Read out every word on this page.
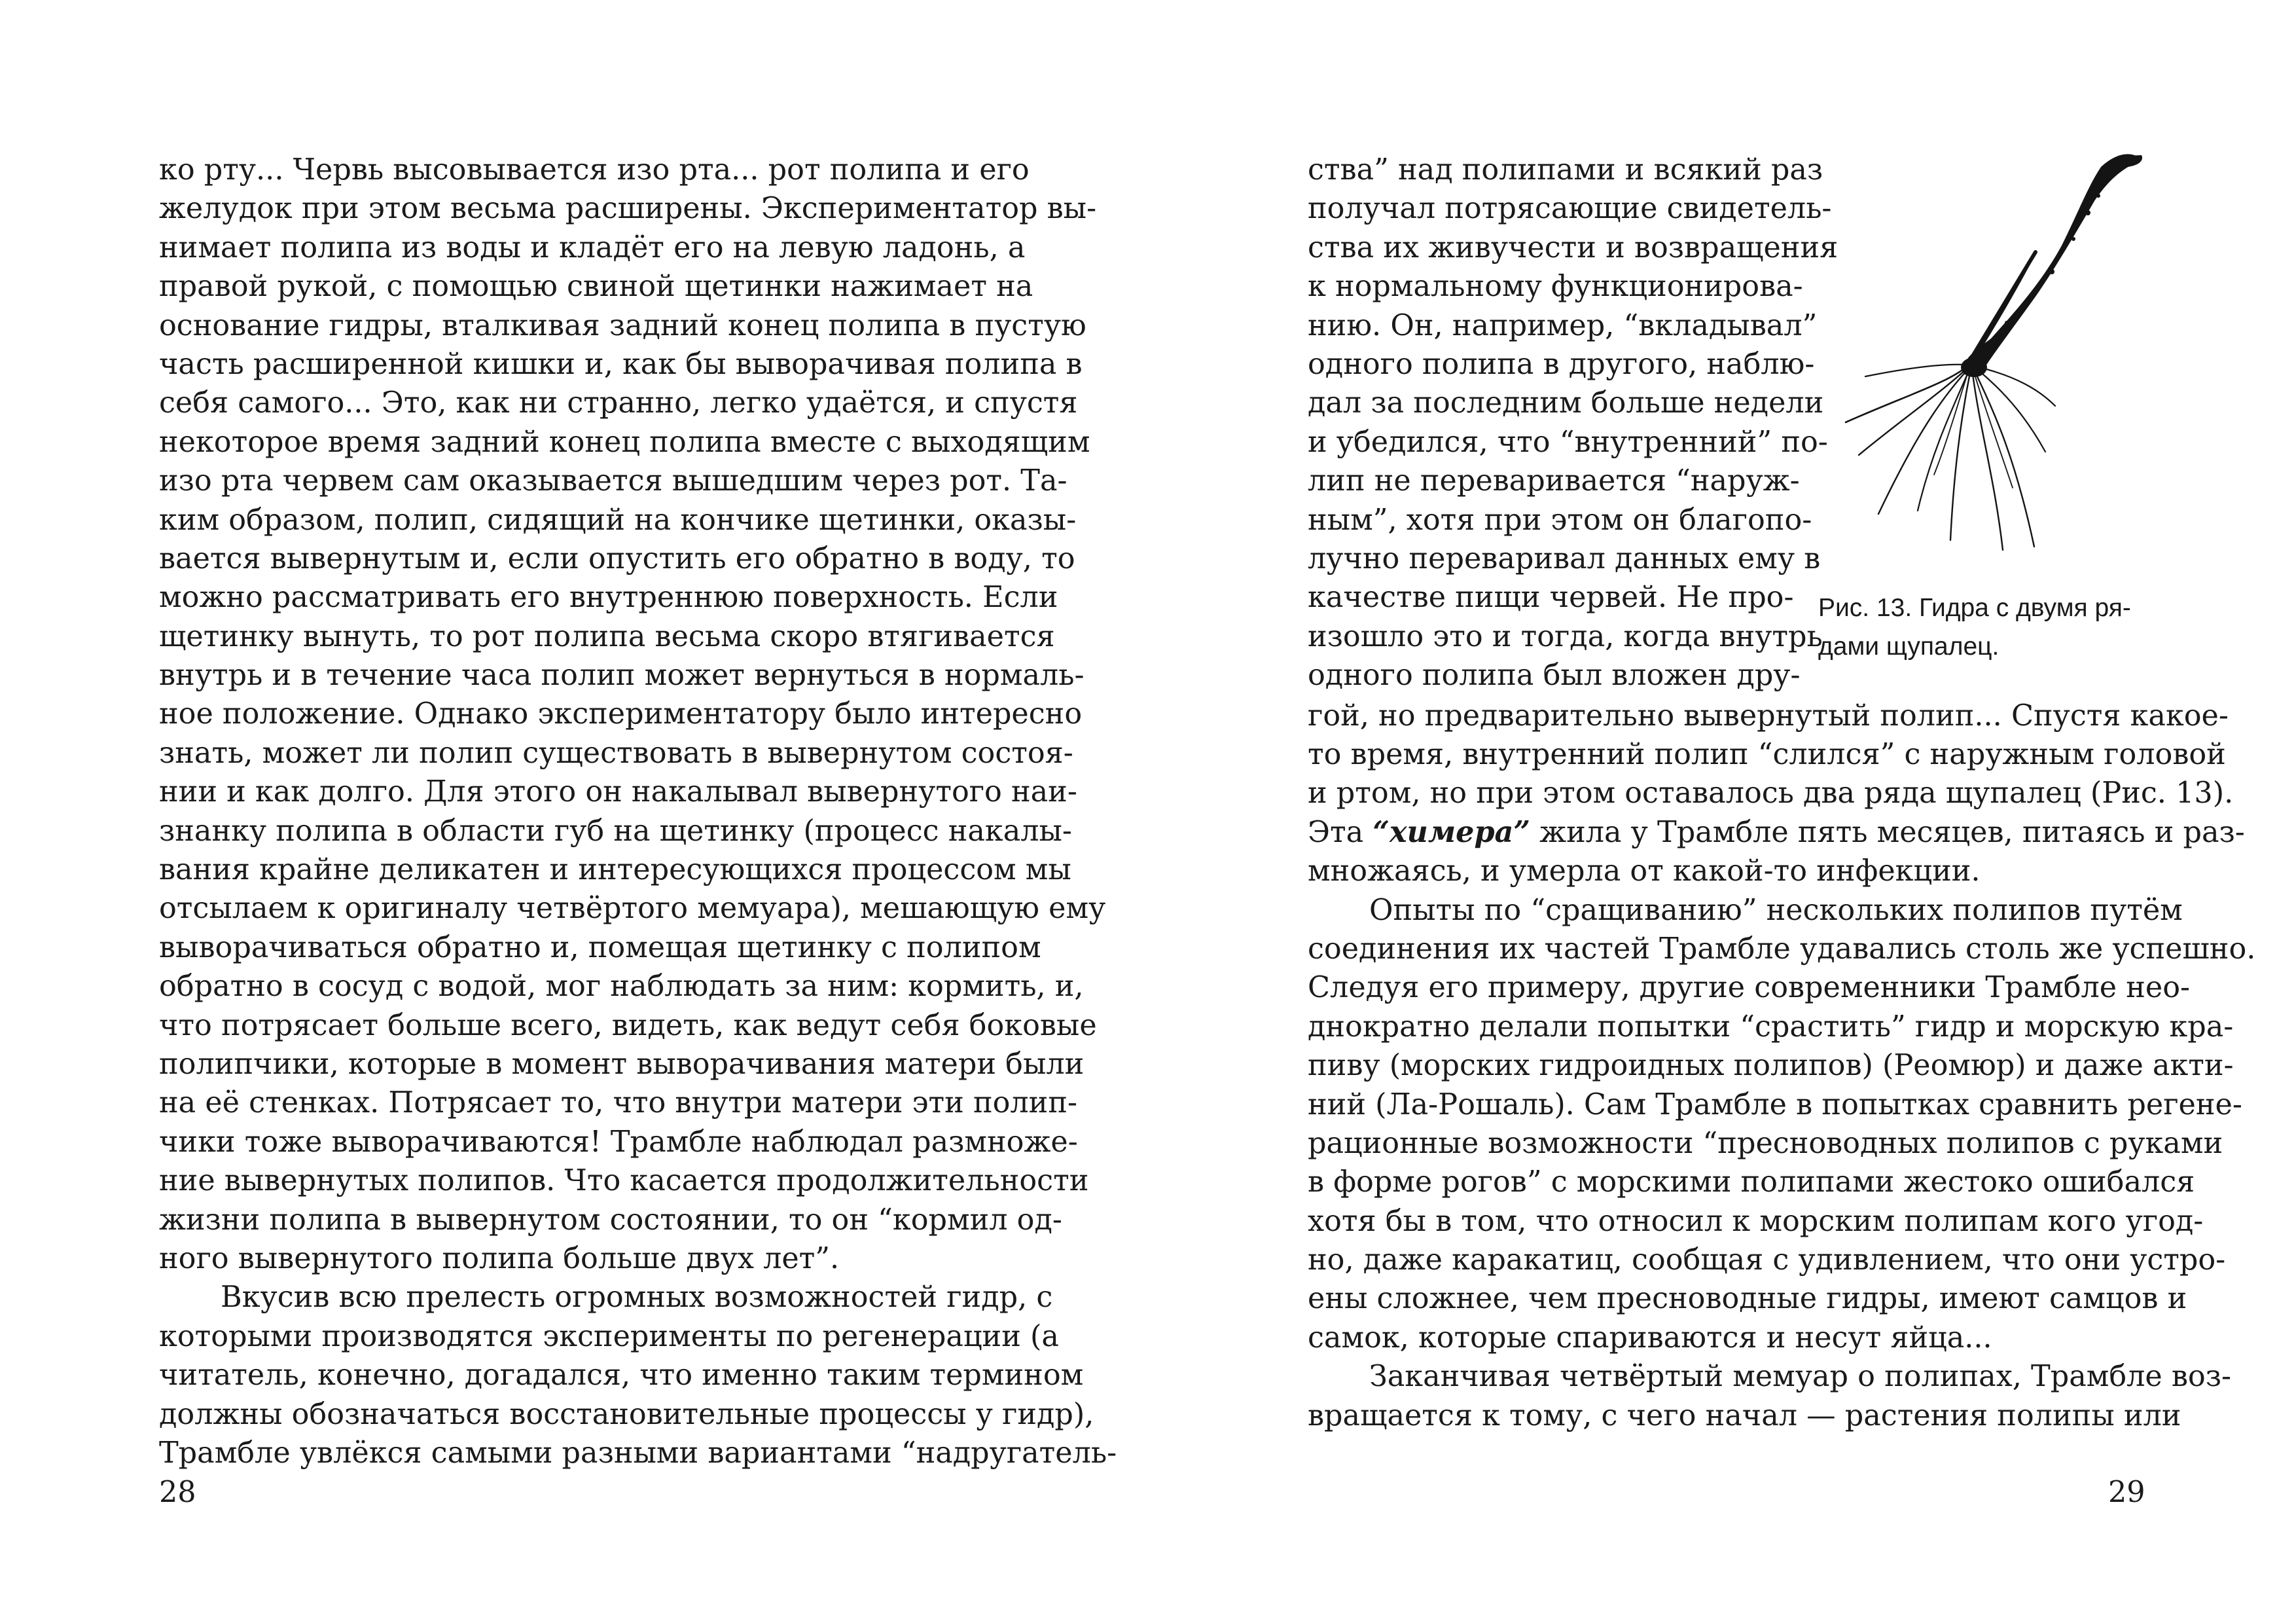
ко рту... Червь высовывается изо рта... рот полипа и его
желудок при этом весьма расширены. Экспериментатор вы-
нимает полипа из воды и кладёт его на левую ладонь, а
правой рукой, с помощью свиной щетинки нажимает на
основание гидры, вталкивая задний конец полипа в пустую
часть расширенной кишки и, как бы выворачивая полипа в
себя самого... Это, как ни странно, легко удаётся, и спустя
некоторое время задний конец полипа вместе с выходящим
изо рта червем сам оказывается вышедшим через рот. Та-
ким образом, полип, сидящий на кончике щетинки, оказы-
вается вывернутым и, если опустить его обратно в воду, то
можно рассматривать его внутреннюю поверхность. Если
щетинку вынуть, то рот полипа весьма скоро втягивается
внутрь и в течение часа полип может вернуться в нормаль-
ное положение. Однако экспериментатору было интересно
знать, может ли полип существовать в вывернутом состоя-
нии и как долго. Для этого он накалывал вывернутого наи-
знанку полипа в области губ на щетинку (процесс накалы-
вания крайне деликатен и интересующихся процессом мы
отсылаем к оригиналу четвёртого мемуара), мешающую ему
выворачиваться обратно и, помещая щетинку с полипом
обратно в сосуд с водой, мог наблюдать за ним: кормить, и,
что потрясает больше всего, видеть, как ведут себя боковые
полипчики, которые в момент выворачивания матери были
на её стенках. Потрясает то, что внутри матери эти полип-
чики тоже выворачиваются! Трамбле наблюдал размноже-
ние вывернутых полипов. Что касается продолжительности
жизни полипа в вывернутом состоянии, то он “кормил од-
ного вывернутого полипа больше двух лет”.
Вкусив всю прелесть огромных возможностей гидр, с
которыми производятся эксперименты по регенерации (а
читатель, конечно, догадался, что именно таким термином
должны обозначаться восстановительные процессы у гидр),
Трамбле увлёкся самыми разными вариантами “надругатель-
28
ства” над полипами и всякий раз
получал потрясающие свидетель-
ства их живучести и возвращения
к нормальному функционирова-
нию. Он, например, “вкладывал”
одного полипа в другого, наблю-
дал за последним больше недели
и убедился, что “внутренний” по-
лип не переваривается “наруж-
ным”, хотя при этом он благопо-
лучно переваривал данных ему в
качестве пищи червей. Не про-
изошло это и тогда, когда внутрь
одного полипа был вложен дру-
Рис. 13. Гидра с двумя ря-
дами щупалец.
гой, но предварительно вывернутый полип... Спустя какое-
то время, внутренний полип “слился” с наружным головой
и ртом, но при этом оставалось два ряда щупалец (Рис. 13).
Эта “химера” жила у Трамбле пять месяцев, питаясь и раз-
множаясь, и умерла от какой-то инфекции.
Опыты по “сращиванию” нескольких полипов путём
соединения их частей Трамбле удавались столь же успешно.
Следуя его примеру, другие современники Трамбле нео-
днократно делали попытки “срастить” гидр и морскую кра-
пиву (морских гидроидных полипов) (Реомюр) и даже акти-
ний (Ла-Рошаль). Сам Трамбле в попытках сравнить регене-
рационные возможности “пресноводных полипов с руками
в форме рогов” с морскими полипами жестоко ошибался
хотя бы в том, что относил к морским полипам кого угод-
но, даже каракатиц, сообщая с удивлением, что они устро-
ены сложнее, чем пресноводные гидры, имеют самцов и
самок, которые спариваются и несут яйца...
Заканчивая четвёртый мемуар о полипах, Трамбле воз-
вращается к тому, с чего начал — растения полипы или
29
